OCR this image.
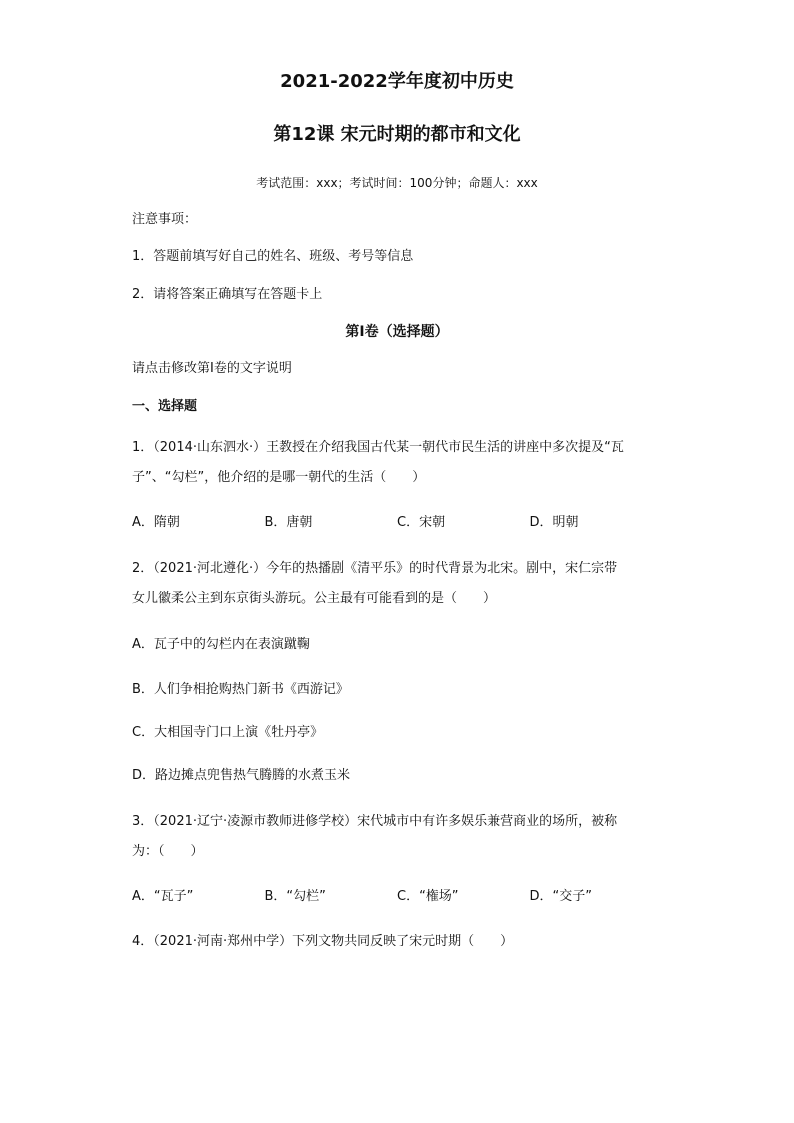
2021-2022学年度初中历史
第12课 宋元时期的都市和文化
考试范围：xxx；考试时间：100分钟；命题人：xxx
注意事项：
1．答题前填写好自己的姓名、班级、考号等信息
2．请将答案正确填写在答题卡上
第I卷（选择题）
请点击修改第I卷的文字说明
一、选择题
1．（2014·山东泗水·）王教授在介绍我国古代某一朝代市民生活的讲座中多次提及“瓦
子”、“勾栏”，他介绍的是哪一朝代的生活（　　）
A．隋朝	B．唐朝	C．宋朝	D．明朝
2．（2021·河北遵化·）今年的热播剧《清平乐》的时代背景为北宋。剧中，宋仁宗带
女儿徽柔公主到东京街头游玩。公主最有可能看到的是（　　）
A．瓦子中的勾栏内在表演蹴鞠
B．人们争相抢购热门新书《西游记》
C．大相国寺门口上演《牡丹亭》
D．路边摊点兜售热气腾腾的水煮玉米
3．（2021·辽宁·凌源市教师进修学校）宋代城市中有许多娱乐兼营商业的场所，被称
为：（　　）
A．“瓦子”	B．“勾栏”	C．“権场”	D．“交子”
4．（2021·河南·郑州中学）下列文物共同反映了宋元时期（　　）
